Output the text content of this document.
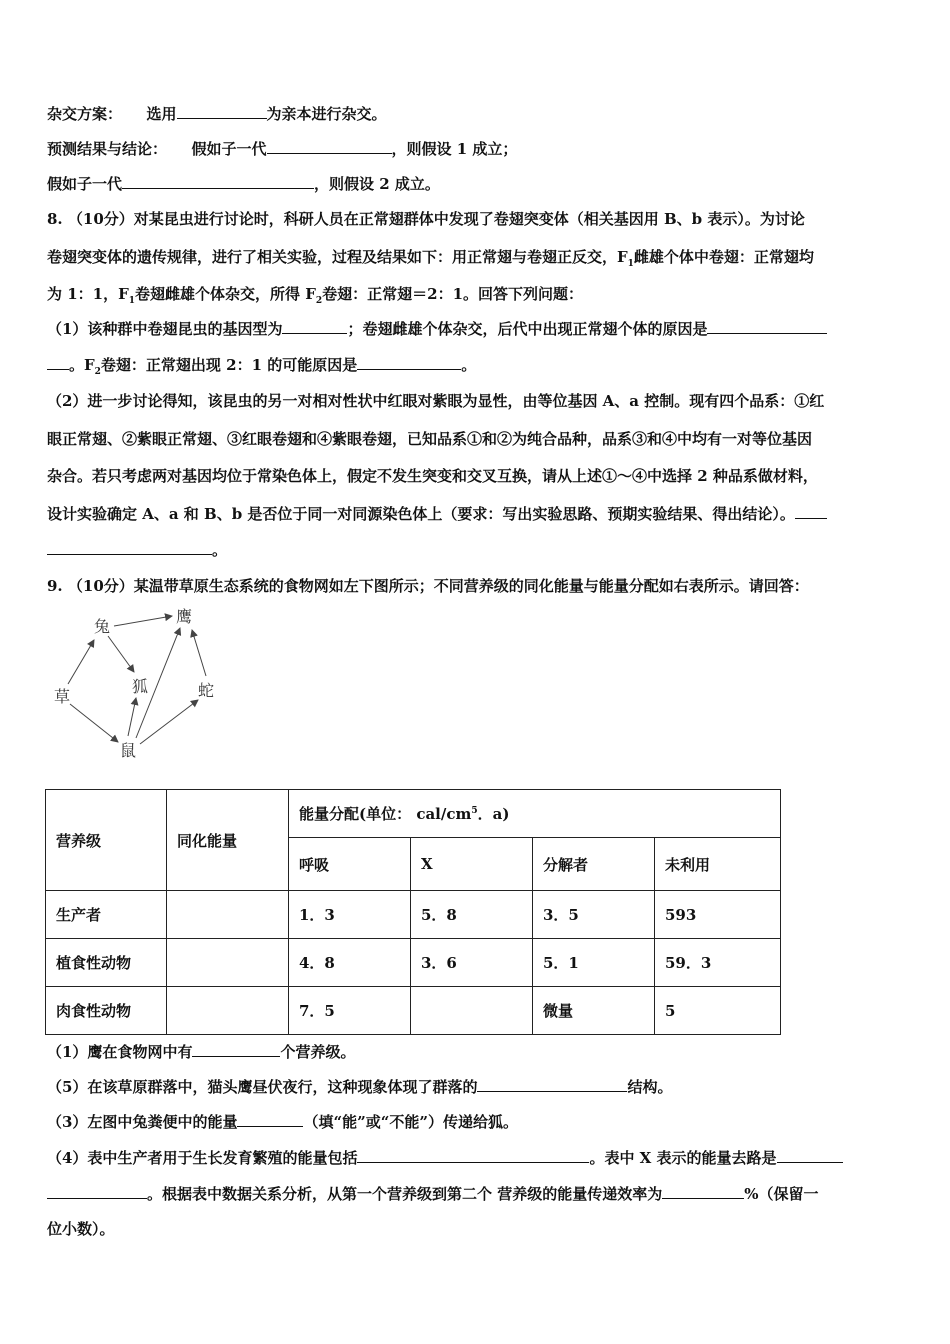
杂交方案： 选用	为亲本进行杂交。
预测结果与结论： 假如子一代	，则假设 1 成立；
假如子一代	，则假设 2 成立。
8. （10分）对某昆虫进行讨论时，科研人员在正常翅群体中发现了卷翅突变体（相关基因用 B、b 表示）。为讨论
卷翅突变体的遗传规律，进行了相关实验，过程及结果如下：用正常翅与卷翅正反交，$F_1$雌雄个体中卷翅：正常翅均
为 1：1，$F_1$卷翅雌雄个体杂交，所得 $F_2$卷翅：正常翅＝2：1。回答下列问题：
（1）该种群中卷翅昆虫的基因型为	；卷翅雌雄个体杂交，后代中出现正常翅个体的原因是
。$F_2$卷翅：正常翅出现 2：1 的可能原因是	。
（2）进一步讨论得知，该昆虫的另一对相对性状中红眼对紫眼为显性，由等位基因 A、a 控制。现有四个品系：①红
眼正常翅、②紫眼正常翅、③红眼卷翅和④紫眼卷翅，已知品系①和②为纯合品种，品系③和④中均有一对等位基因
杂合。若只考虑两对基因均位于常染色体上，假定不发生突变和交叉互换，请从上述①～④中选择 2 种品系做材料，
设计实验确定 A、a 和 B、b 是否位于同一对同源染色体上（要求：写出实验思路、预期实验结果、得出结论）。
。
9. （10分）某温带草原生态系统的食物网如左下图所示；不同营养级的同化能量与能量分配如右表所示。请回答：
兔
鹰
草
狐	蛇
鼠
营养级	同化能量	能量分配(单位： cal/$cm^5$．a)			
		呼吸	X	分解者	未利用
生产者		1．3	5．8	3．5	593
植食性动物		4．8	3．6	5．1	59．3
肉食性动物		7．5		微量	5
（1）鹰在食物网中有	个营养级。
（5）在该草原群落中，猫头鹰昼伏夜行，这种现象体现了群落的	结构。
（3）左图中兔粪便中的能量	（填“能”或“不能”）传递给狐。
（4）表中生产者用于生长发育繁殖的能量包括	。表中 X 表示的能量去路是
。根据表中数据关系分析，从第一个营养级到第二个 营养级的能量传递效率为	%（保留一
位小数）。
